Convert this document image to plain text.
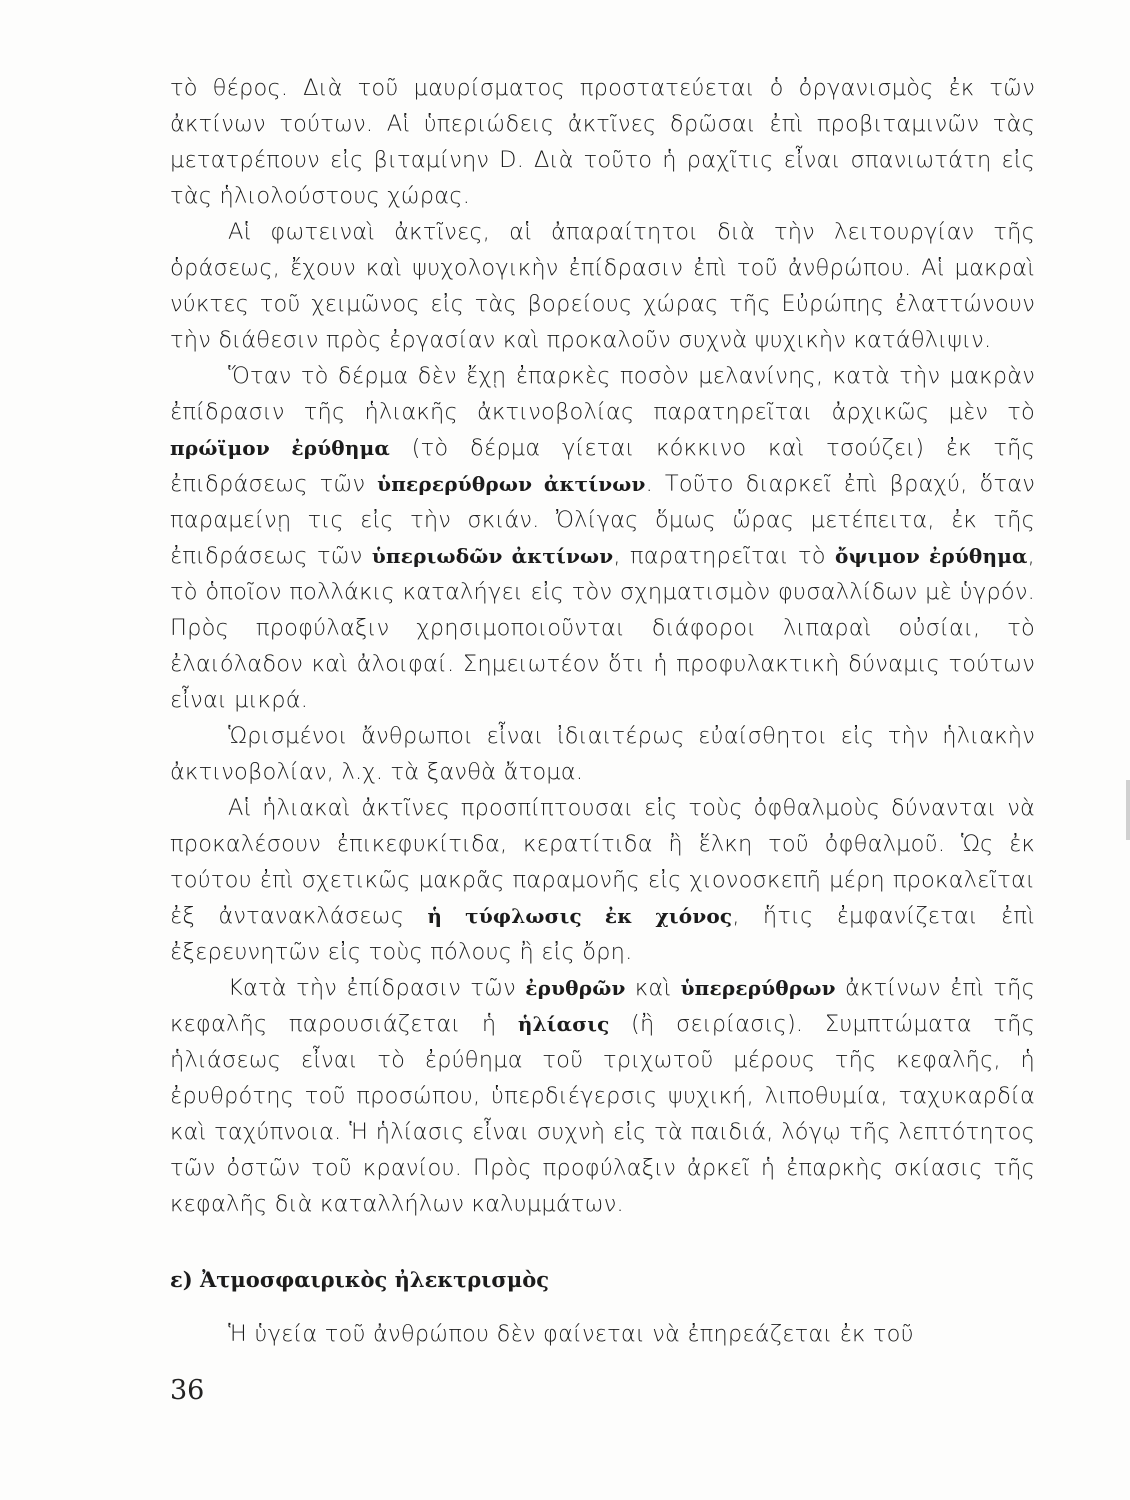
τὸ θέρος. Διὰ τοῦ μαυρίσματος προστατεύεται ὁ ὀργανισμὸς ἐκ τῶν ἀκτίνων τούτων. Αἱ ὑπεριώδεις ἀκτῖνες δρῶσαι ἐπὶ προβιταμινῶν τὰς μετατρέπουν εἰς βιταμίνην D. Διὰ τοῦτο ἡ ραχῖτις εἶναι σπανιωτάτη εἰς τὰς ἡλιολούστους χώρας.

Αἱ φωτειναὶ ἀκτῖνες, αἱ ἀπαραίτητοι διὰ τὴν λειτουργίαν τῆς ὁράσεως, ἔχουν καὶ ψυχολογικὴν ἐπίδρασιν ἐπὶ τοῦ ἀνθρώπου. Αἱ μακραὶ νύκτες τοῦ χειμῶνος εἰς τὰς βορείους χώρας τῆς Εὐρώπης ἐλαττώνουν τὴν διάθεσιν πρὸς ἐργασίαν καὶ προκαλοῦν συχνὰ ψυχικὴν κατάθλιψιν.

Ὅταν τὸ δέρμα δὲν ἔχῃ ἐπαρκὲς ποσὸν μελανίνης, κατὰ τὴν μακρὰν ἐπίδρασιν τῆς ἡλιακῆς ἀκτινοβολίας παρατηρεῖται ἀρχικῶς μὲν τὸ πρώϊμον ἐρύθημα (τὸ δέρμα γίεται κόκκινο καὶ τσούζει) ἐκ τῆς ἐπιδράσεως τῶν ὑπερερύθρων ἀκτίνων. Τοῦτο διαρκεῖ ἐπὶ βραχύ, ὅταν παραμείνῃ τις εἰς τὴν σκιάν. Ὀλίγας ὅμως ὥρας μετέπειτα, ἐκ τῆς ἐπιδράσεως τῶν ὑπεριωδῶν ἀκτίνων, παρατηρεῖται τὸ ὄψιμον ἐρύθημα, τὸ ὁποῖον πολλάκις καταλήγει εἰς τὸν σχηματισμὸν φυσαλλίδων μὲ ὑγρόν. Πρὸς προφύλαξιν χρησιμοποιοῦνται διάφοροι λιπαραὶ οὐσίαι, τὸ ἐλαιόλαδον καὶ ἀλοιφαί. Σημειωτέον ὅτι ἡ προφυλακτικὴ δύναμις τούτων εἶναι μικρά.

Ὡρισμένοι ἄνθρωποι εἶναι ἰδιαιτέρως εὐαίσθητοι εἰς τὴν ἡλιακὴν ἀκτινοβολίαν, λ.χ. τὰ ξανθὰ ἄτομα.

Αἱ ἡλιακαὶ ἀκτῖνες προσπίπτουσαι εἰς τοὺς ὀφθαλμοὺς δύνανται νὰ προκαλέσουν ἐπικεφυκίτιδα, κερατίτιδα ἢ ἕλκη τοῦ ὀφθαλμοῦ. Ὡς ἐκ τούτου ἐπὶ σχετικῶς μακρᾶς παραμονῆς εἰς χιονοσκεπῆ μέρη προκαλεῖται ἐξ ἀντανακλάσεως ἡ τύφλωσις ἐκ χιόνος, ἥτις ἐμφανίζεται ἐπὶ ἐξερευνητῶν εἰς τοὺς πόλους ἢ εἰς ὄρη.

Κατὰ τὴν ἐπίδρασιν τῶν ἐρυθρῶν καὶ ὑπερερύθρων ἀκτίνων ἐπὶ τῆς κεφαλῆς παρουσιάζεται ἡ ἡλίασις (ἢ σειρίασις). Συμπτώματα τῆς ἡλιάσεως εἶναι τὸ ἐρύθημα τοῦ τριχωτοῦ μέρους τῆς κεφαλῆς, ἡ ἐρυθρότης τοῦ προσώπου, ὑπερδιέγερσις ψυχική, λιποθυμία, ταχυκαρδία καὶ ταχύπνοια. Ἡ ἡλίασις εἶναι συχνὴ εἰς τὰ παιδιά, λόγῳ τῆς λεπτότητος τῶν ὀστῶν τοῦ κρανίου. Πρὸς προφύλαξιν ἀρκεῖ ἡ ἐπαρκὴς σκίασις τῆς κεφαλῆς διὰ καταλλήλων καλυμμάτων.

ε) Ἀτμοσφαιρικὸς ἠλεκτρισμὸς

Ἡ ὑγεία τοῦ ἀνθρώπου δὲν φαίνεται νὰ ἐπηρεάζεται ἐκ τοῦ

36
